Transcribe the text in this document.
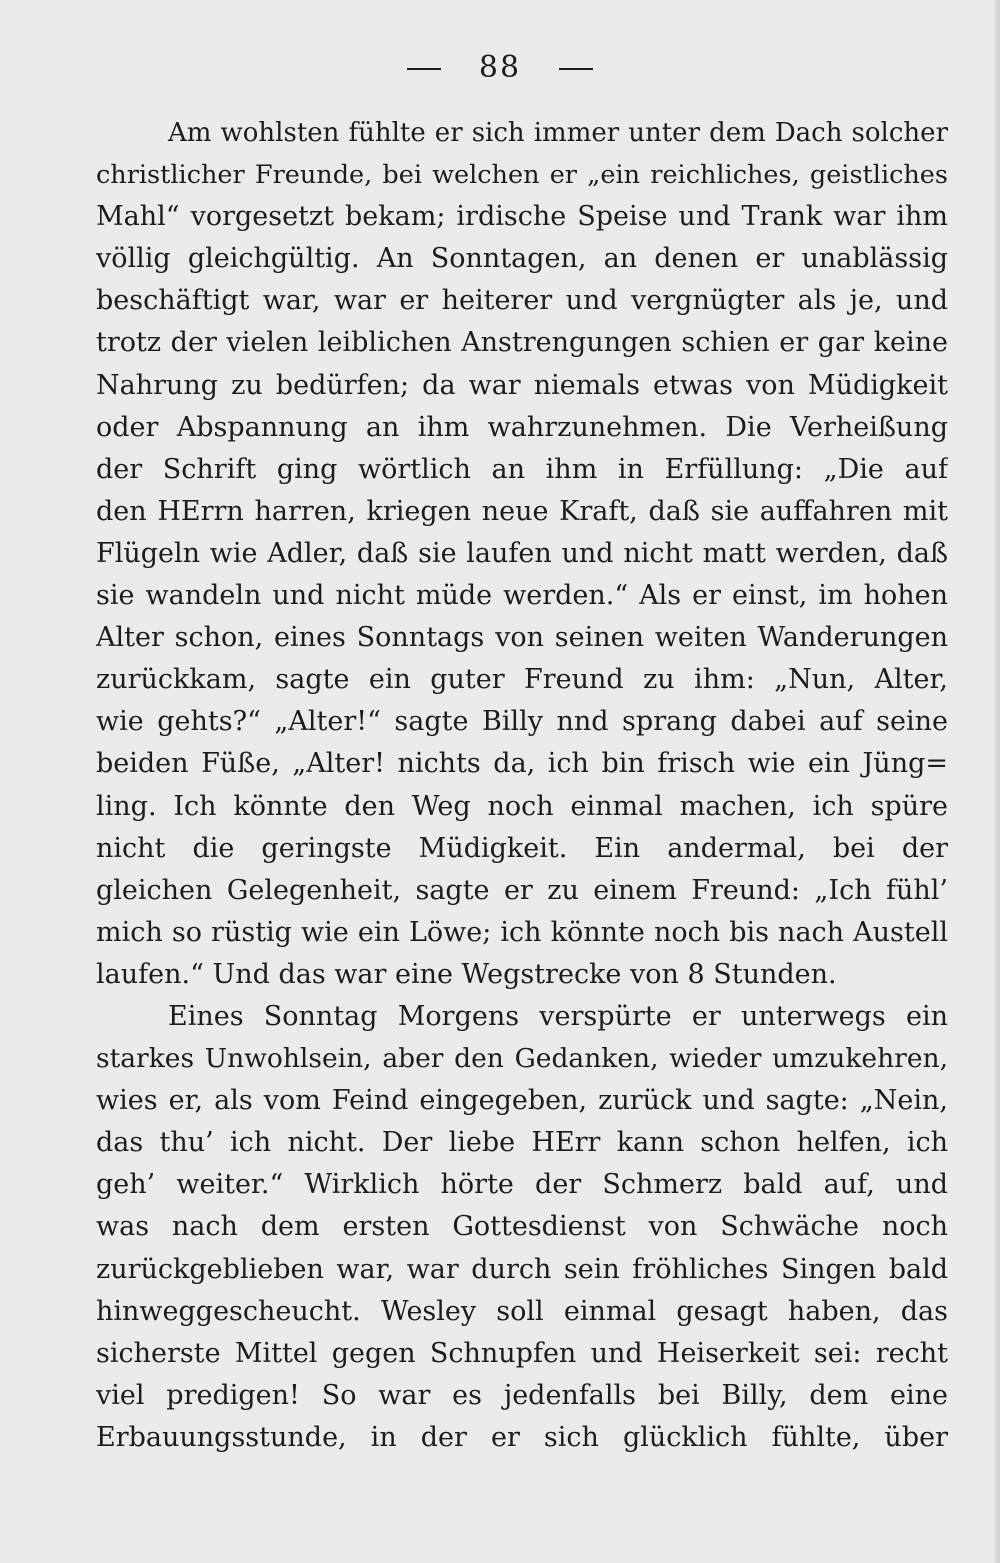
88
Am wohlsten fühlte er sich immer unter dem Dach solcher
christlicher Freunde, bei welchen er „ein reichliches, geistliches
Mahl“ vorgesetzt bekam; irdische Speise und Trank war ihm
völlig gleichgültig. An Sonntagen, an denen er unablässig
beschäftigt war, war er heiterer und vergnügter als je, und
trotz der vielen leiblichen Anstrengungen schien er gar keine
Nahrung zu bedürfen; da war niemals etwas von Müdigkeit
oder Abspannung an ihm wahrzunehmen. Die Verheißung
der Schrift ging wörtlich an ihm in Erfüllung: „Die auf
den HErrn harren, kriegen neue Kraft, daß sie auffahren mit
Flügeln wie Adler, daß sie laufen und nicht matt werden, daß
sie wandeln und nicht müde werden.“ Als er einst, im hohen
Alter schon, eines Sonntags von seinen weiten Wanderungen
zurückkam, sagte ein guter Freund zu ihm: „Nun, Alter,
wie gehts?“ „Alter!“ sagte Billy nnd sprang dabei auf seine
beiden Füße, „Alter! nichts da, ich bin frisch wie ein Jüng=
ling. Ich könnte den Weg noch einmal machen, ich spüre
nicht die geringste Müdigkeit. Ein andermal, bei der
gleichen Gelegenheit, sagte er zu einem Freund: „Ich fühl’
mich so rüstig wie ein Löwe; ich könnte noch bis nach Austell
laufen.“ Und das war eine Wegstrecke von 8 Stunden.
Eines Sonntag Morgens verspürte er unterwegs ein
starkes Unwohlsein, aber den Gedanken, wieder umzukehren,
wies er, als vom Feind eingegeben, zurück und sagte: „Nein,
das thu’ ich nicht. Der liebe HErr kann schon helfen, ich
geh’ weiter.“ Wirklich hörte der Schmerz bald auf, und
was nach dem ersten Gottesdienst von Schwäche noch
zurückgeblieben war, war durch sein fröhliches Singen bald
hinweggescheucht. Wesley soll einmal gesagt haben, das
sicherste Mittel gegen Schnupfen und Heiserkeit sei: recht
viel predigen! So war es jedenfalls bei Billy, dem eine
Erbauungsstunde, in der er sich glücklich fühlte, über
